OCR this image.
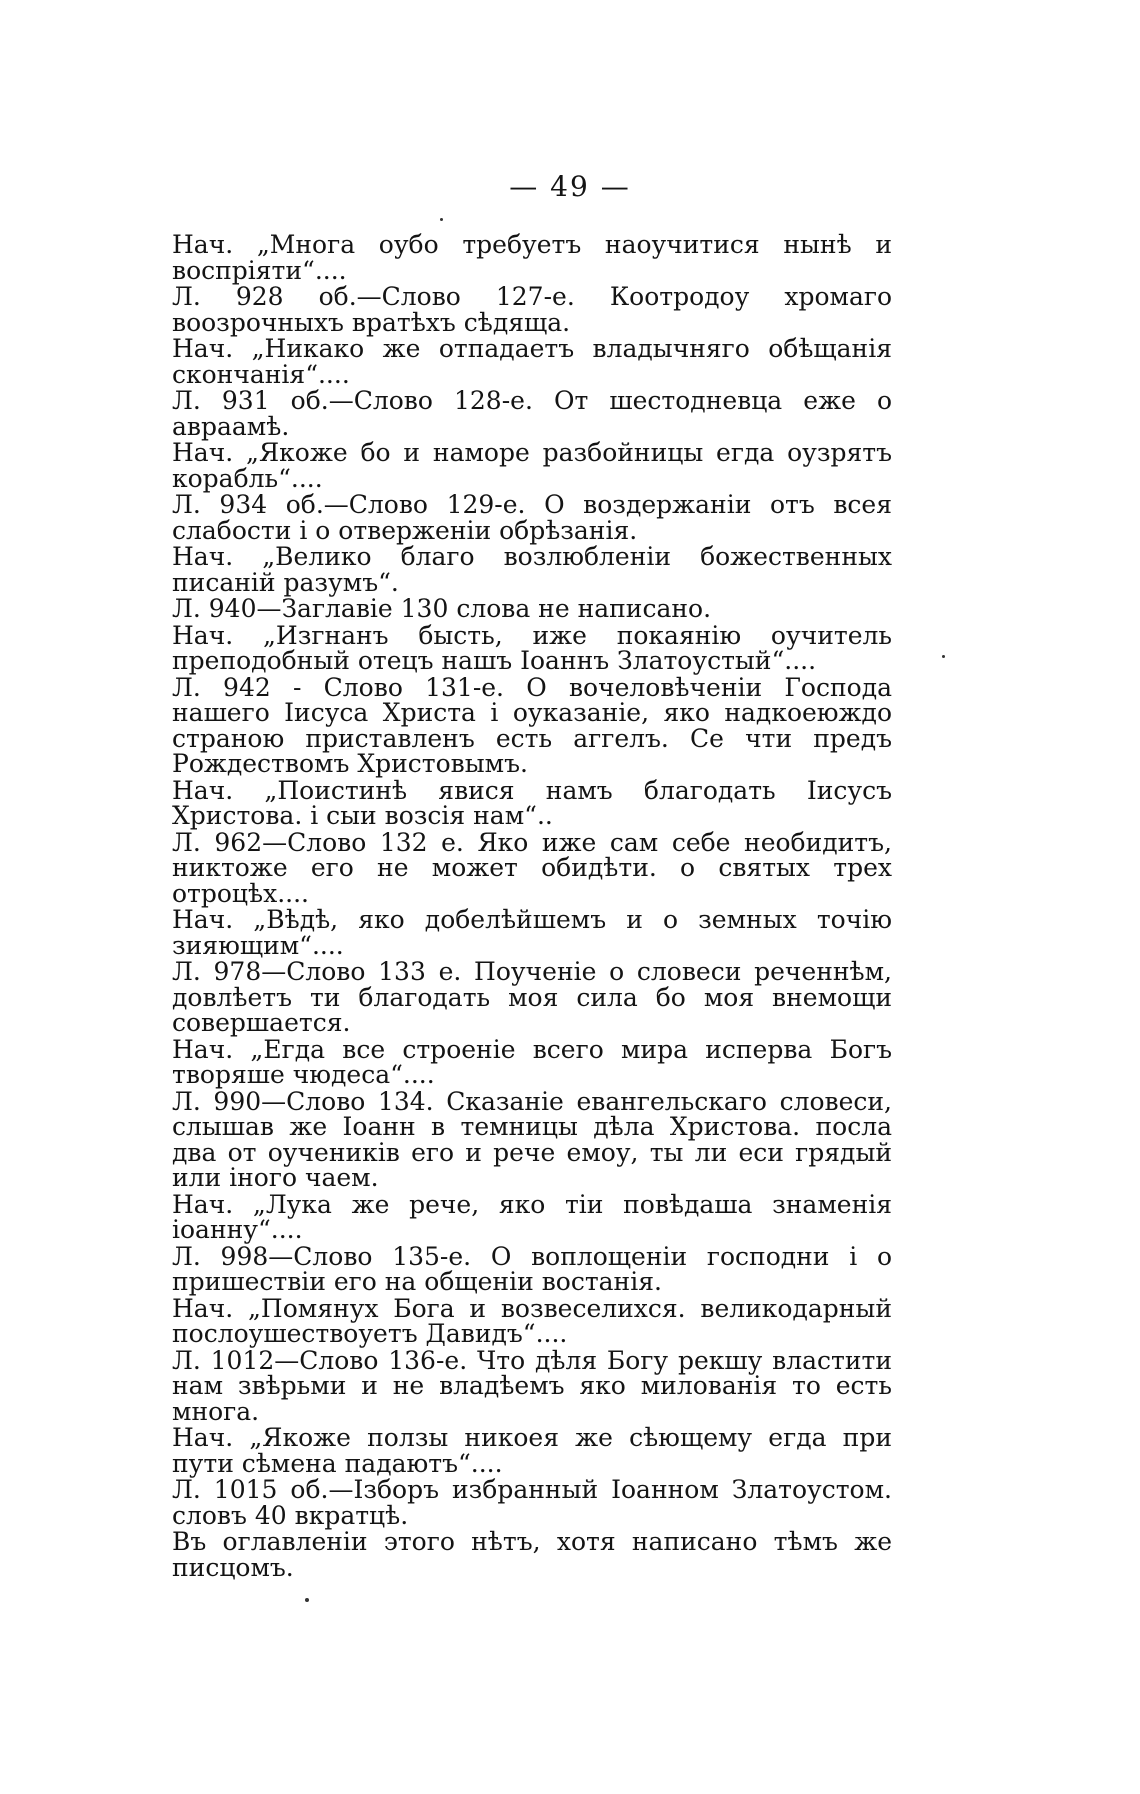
— 49 —

Нач. „Многа оубо требуетъ наоучитися нынѣ и воспріяти“....

Л. 928 об.—Слово 127-е. Коотродоу хромаго воозрочныхъ вратѣхъ сѣдяща.

Нач. „Никако же отпадаетъ владычняго обѣщанія скончанія“....

Л. 931 об.—Слово 128-е. От шестодневца еже о авраамѣ.

Нач. „Якоже бо и наморе разбойницы егда оузрятъ корабль“....

Л. 934 об.—Слово 129-е. О воздержаніи отъ всея слабости і о отверженіи обрѣзанія.

Нач. „Велико благо возлюбленіи божественных писаній разумъ“.

Л. 940—Заглавіе 130 слова не написано.

Нач. „Изгнанъ бысть, иже покаянію оучитель преподобный отецъ нашъ Іоаннъ Златоустый“....

Л. 942 - Слово 131-е. О вочеловѣченіи Господа нашего Іисуса Христа і оуказаніе, яко надкоеюждо страною приставленъ есть аггелъ. Се чти предъ Рождествомъ Христовымъ.

Нач. „Поистинѣ явися намъ благодать Іисусъ Христова. і сыи возсія нам“..

Л. 962—Слово 132 е. Яко иже сам себе необидитъ, никтоже его не может обидѣти. о святых трех отроцѣх....

Нач. „Вѣдѣ, яко добелѣйшемъ и о земных точію зияющим“....

Л. 978—Слово 133 е. Поученіе о словеси реченнѣм, довлѣетъ ти благодать моя сила бо моя внемощи совершается.

Нач. „Егда все строеніе всего мира исперва Богъ творяше чюдеса“....

Л. 990—Слово 134. Сказаніе евангельскаго словеси, слышав же Іоанн в темницы дѣла Христова. посла два от оучеників его и рече емоу, ты ли еси грядый или іного чаем.

Нач. „Лука же рече, яко тіи повѣдаша знаменія іоанну“....

Л. 998—Слово 135-е. О воплощеніи господни і о пришествіи его на общеніи востанія.

Нач. „Помянух Бога и возвеселихся. великодарный послоушествоуетъ Давидъ“....

Л. 1012—Слово 136-е. Что дѣля Богу рекшу властити нам звѣрьми и не владѣемъ яко милованія то есть многа.

Нач. „Якоже ползы никоея же сѣющему егда при пути сѣмена падаютъ“....

Л. 1015 об.—Ізборъ избранный Іоанном Златоустом. словъ 40 вкратцѣ.

Въ оглавленіи этого нѣтъ, хотя написано тѣмъ же писцомъ.
